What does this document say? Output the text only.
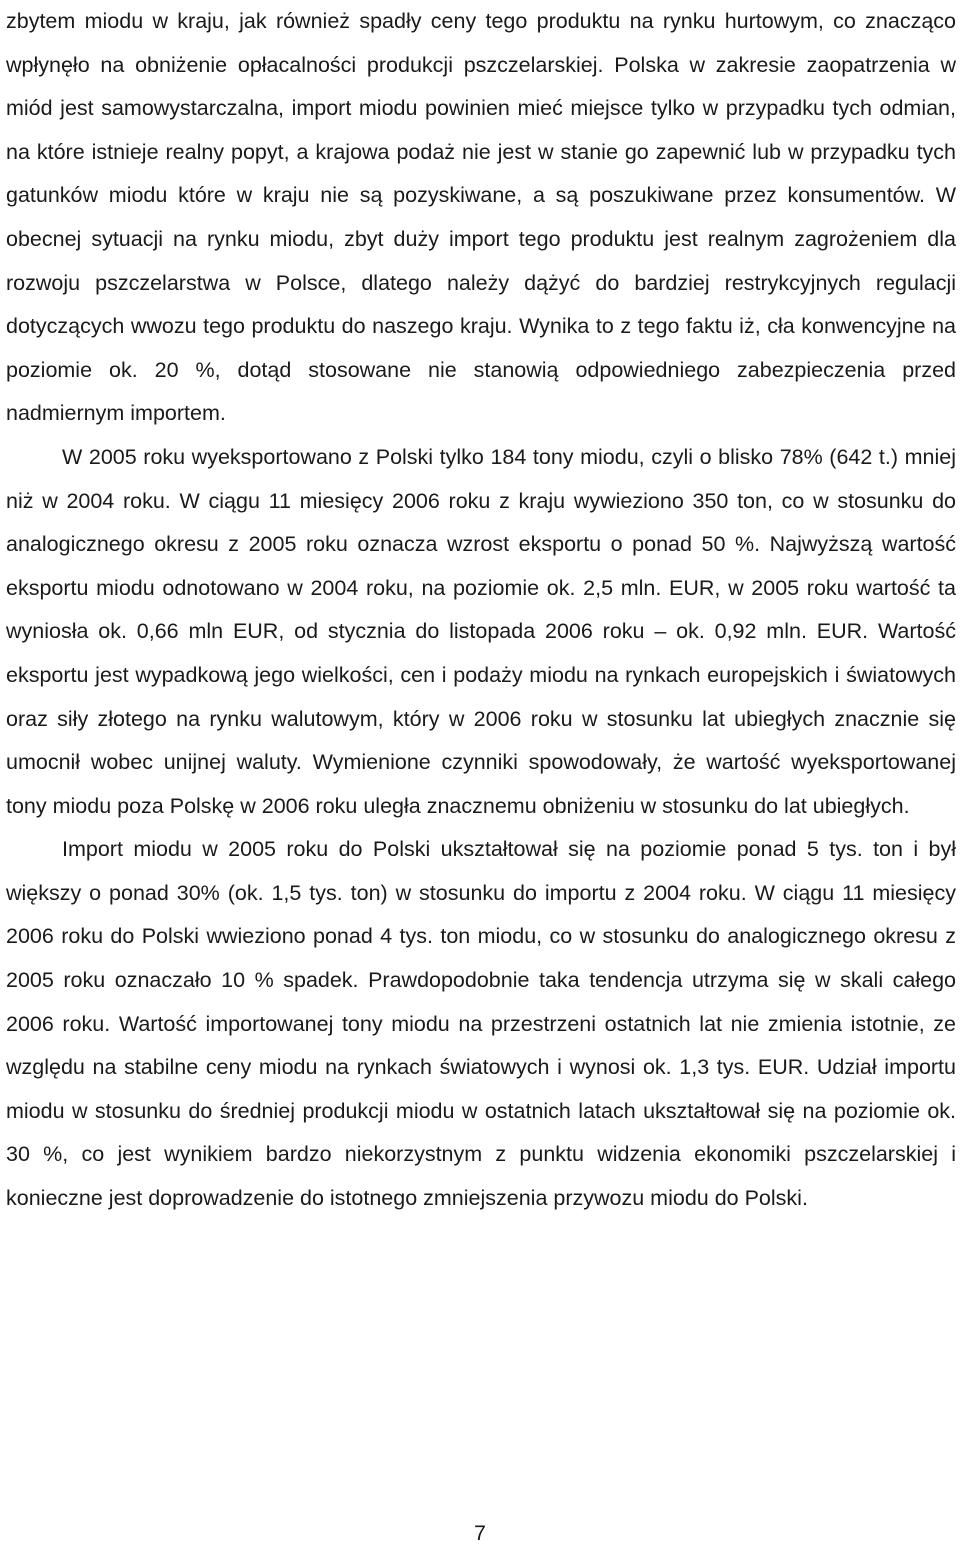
zbytem miodu w kraju, jak również spadły ceny tego produktu na rynku hurtowym, co znacząco wpłynęło na obniżenie opłacalności produkcji pszczelarskiej. Polska w zakresie zaopatrzenia w miód jest samowystarczalna, import miodu powinien mieć miejsce tylko w przypadku tych odmian, na które istnieje realny popyt, a krajowa podaż nie jest w stanie go zapewnić lub w przypadku tych gatunków miodu które w kraju nie są pozyskiwane, a są poszukiwane przez konsumentów. W obecnej sytuacji na rynku miodu, zbyt duży import tego produktu jest realnym zagrożeniem dla rozwoju pszczelarstwa w Polsce, dlatego należy dążyć do bardziej restrykcyjnych regulacji dotyczących wwozu tego produktu do naszego kraju. Wynika to z tego faktu iż, cła konwencyjne na poziomie ok. 20 %, dotąd stosowane nie stanowią odpowiedniego zabezpieczenia przed nadmiernym importem.

W 2005 roku wyeksportowano z Polski tylko 184 tony miodu, czyli o blisko 78% (642 t.) mniej niż w 2004 roku. W ciągu 11 miesięcy 2006 roku z kraju wywieziono 350 ton, co w stosunku do analogicznego okresu z 2005 roku oznacza wzrost eksportu o ponad 50 %. Najwyższą wartość eksportu miodu odnotowano w 2004 roku, na poziomie ok. 2,5 mln. EUR, w 2005 roku wartość ta wyniosła ok. 0,66 mln EUR, od stycznia do listopada 2006 roku – ok. 0,92 mln. EUR. Wartość eksportu jest wypadkową jego wielkości, cen i podaży miodu na rynkach europejskich i światowych oraz siły złotego na rynku walutowym, który w 2006 roku w stosunku lat ubiegłych znacznie się umocnił wobec unijnej waluty. Wymienione czynniki spowodowały, że wartość wyeksportowanej tony miodu poza Polskę w 2006 roku uległa znacznemu obniżeniu w stosunku do lat ubiegłych.

Import miodu w 2005 roku do Polski ukształtował się na poziomie ponad 5 tys. ton i był większy o ponad 30% (ok. 1,5 tys. ton) w stosunku do importu z 2004 roku. W ciągu 11 miesięcy 2006 roku do Polski wwieziono ponad 4 tys. ton miodu, co w stosunku do analogicznego okresu z 2005 roku oznaczało 10 % spadek. Prawdopodobnie taka tendencja utrzyma się w skali całego 2006 roku. Wartość importowanej tony miodu na przestrzeni ostatnich lat nie zmienia istotnie, ze względu na stabilne ceny miodu na rynkach światowych i wynosi ok. 1,3 tys. EUR. Udział importu miodu w stosunku do średniej produkcji miodu w ostatnich latach ukształtował się na poziomie ok. 30 %, co jest wynikiem bardzo niekorzystnym z punktu widzenia ekonomiki pszczelarskiej i konieczne jest doprowadzenie do istotnego zmniejszenia przywozu miodu do Polski.

7
